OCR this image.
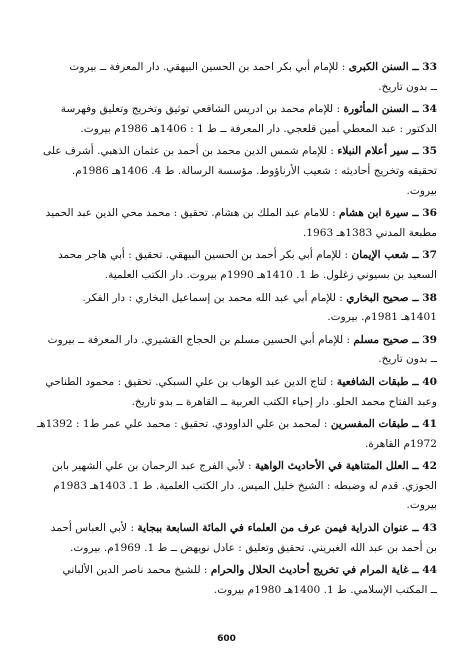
33 ــ السنن الكبرى : للإمام أبي بكر احمد بن الحسين البيهقي. دار المعرفة ــ بيروت
ــ بدون تاريخ.
34 ــ السنن المأثورة : للإمام محمد بن ادريس الشافعي توثيق وتخريج وتعليق وفهرسة
الدكتور : عبد المعطي أمين قلعجي. دار المعرفة ــ ط 1 : 1406هـ 1986م بيروت.
35 ــ سير أعلام النبلاء : للإمام شمس الدين محمد بن أحمد بن عثمان الذهبي. أشرف على
تحقيقه وتخريج أحاديثه : شعيب الأرناؤوط. مؤسسة الرسالة. ط 4. 1406هـ 1986م.
بيروت.
36 ــ سيرة ابن هشام : للامام عبد الملك بن هشام. تحقيق : محمد محي الدين عبد الحميد
مطبعة المدني 1383هـ 1963.
37 ــ شعب الإيمان : للإمام أبي بكر أحمد بن الحسين البيهقي. تحقيق : أبي هاجر محمد
السعيد بن بسيوني زغلول. ط 1. 1410هـ 1990م بيروت. دار الكتب العلمية.
38 ــ صحيح البخاري : للإمام أبي عبد الله محمد بن إسماعيل البخاري : دار الفكر.
1401هـ 1981م. بيروت.
39 ــ صحيح مسلم : للإمام أبي الحسين مسلم بن الحجاج القشيري. دار المعرفة ــ بيروت
ــ بدون تاريخ.
40 ــ طبقات الشافعية : لتاج الدين عبد الوهاب بن علي السبكي. تحقيق : محمود الطناحي
وعبد الفتاح محمد الحلو. دار إحياء الكتب العربية ــ القاهرة ــ بدو تاريخ.
41 ــ طبقات المفسرين : لمحمد بن علي الداوودي. تحقيق : محمد علي عمر ط1 : 1392هـ
1972م القاهرة.
42 ــ العلل المتناهية في الأحاديث الواهية : لأبي الفرج عبد الرحمان بن علي الشهير بابن
الجوزي. قدم له وضبطه : الشيخ خليل الميس. دار الكتب العلمية. ط 1. 1403هـ 1983م
بيروت.
43 ــ عنوان الدراية فيمن عرف من العلماء في المائة السابعة ببجاية : لأبي العباس أحمد
بن أحمد بن عبد الله الغبريني. تحقيق وتعليق : عادل نويهض ــ ط 1. 1969م. بيروت.
44 ــ غاية المرام في تخريج أحاديث الحلال والحرام : للشيخ محمد ناصر الدين الألباني
ــ المكتب الإسلامي. ط 1. 1400هـ 1980م بيروت.
600
